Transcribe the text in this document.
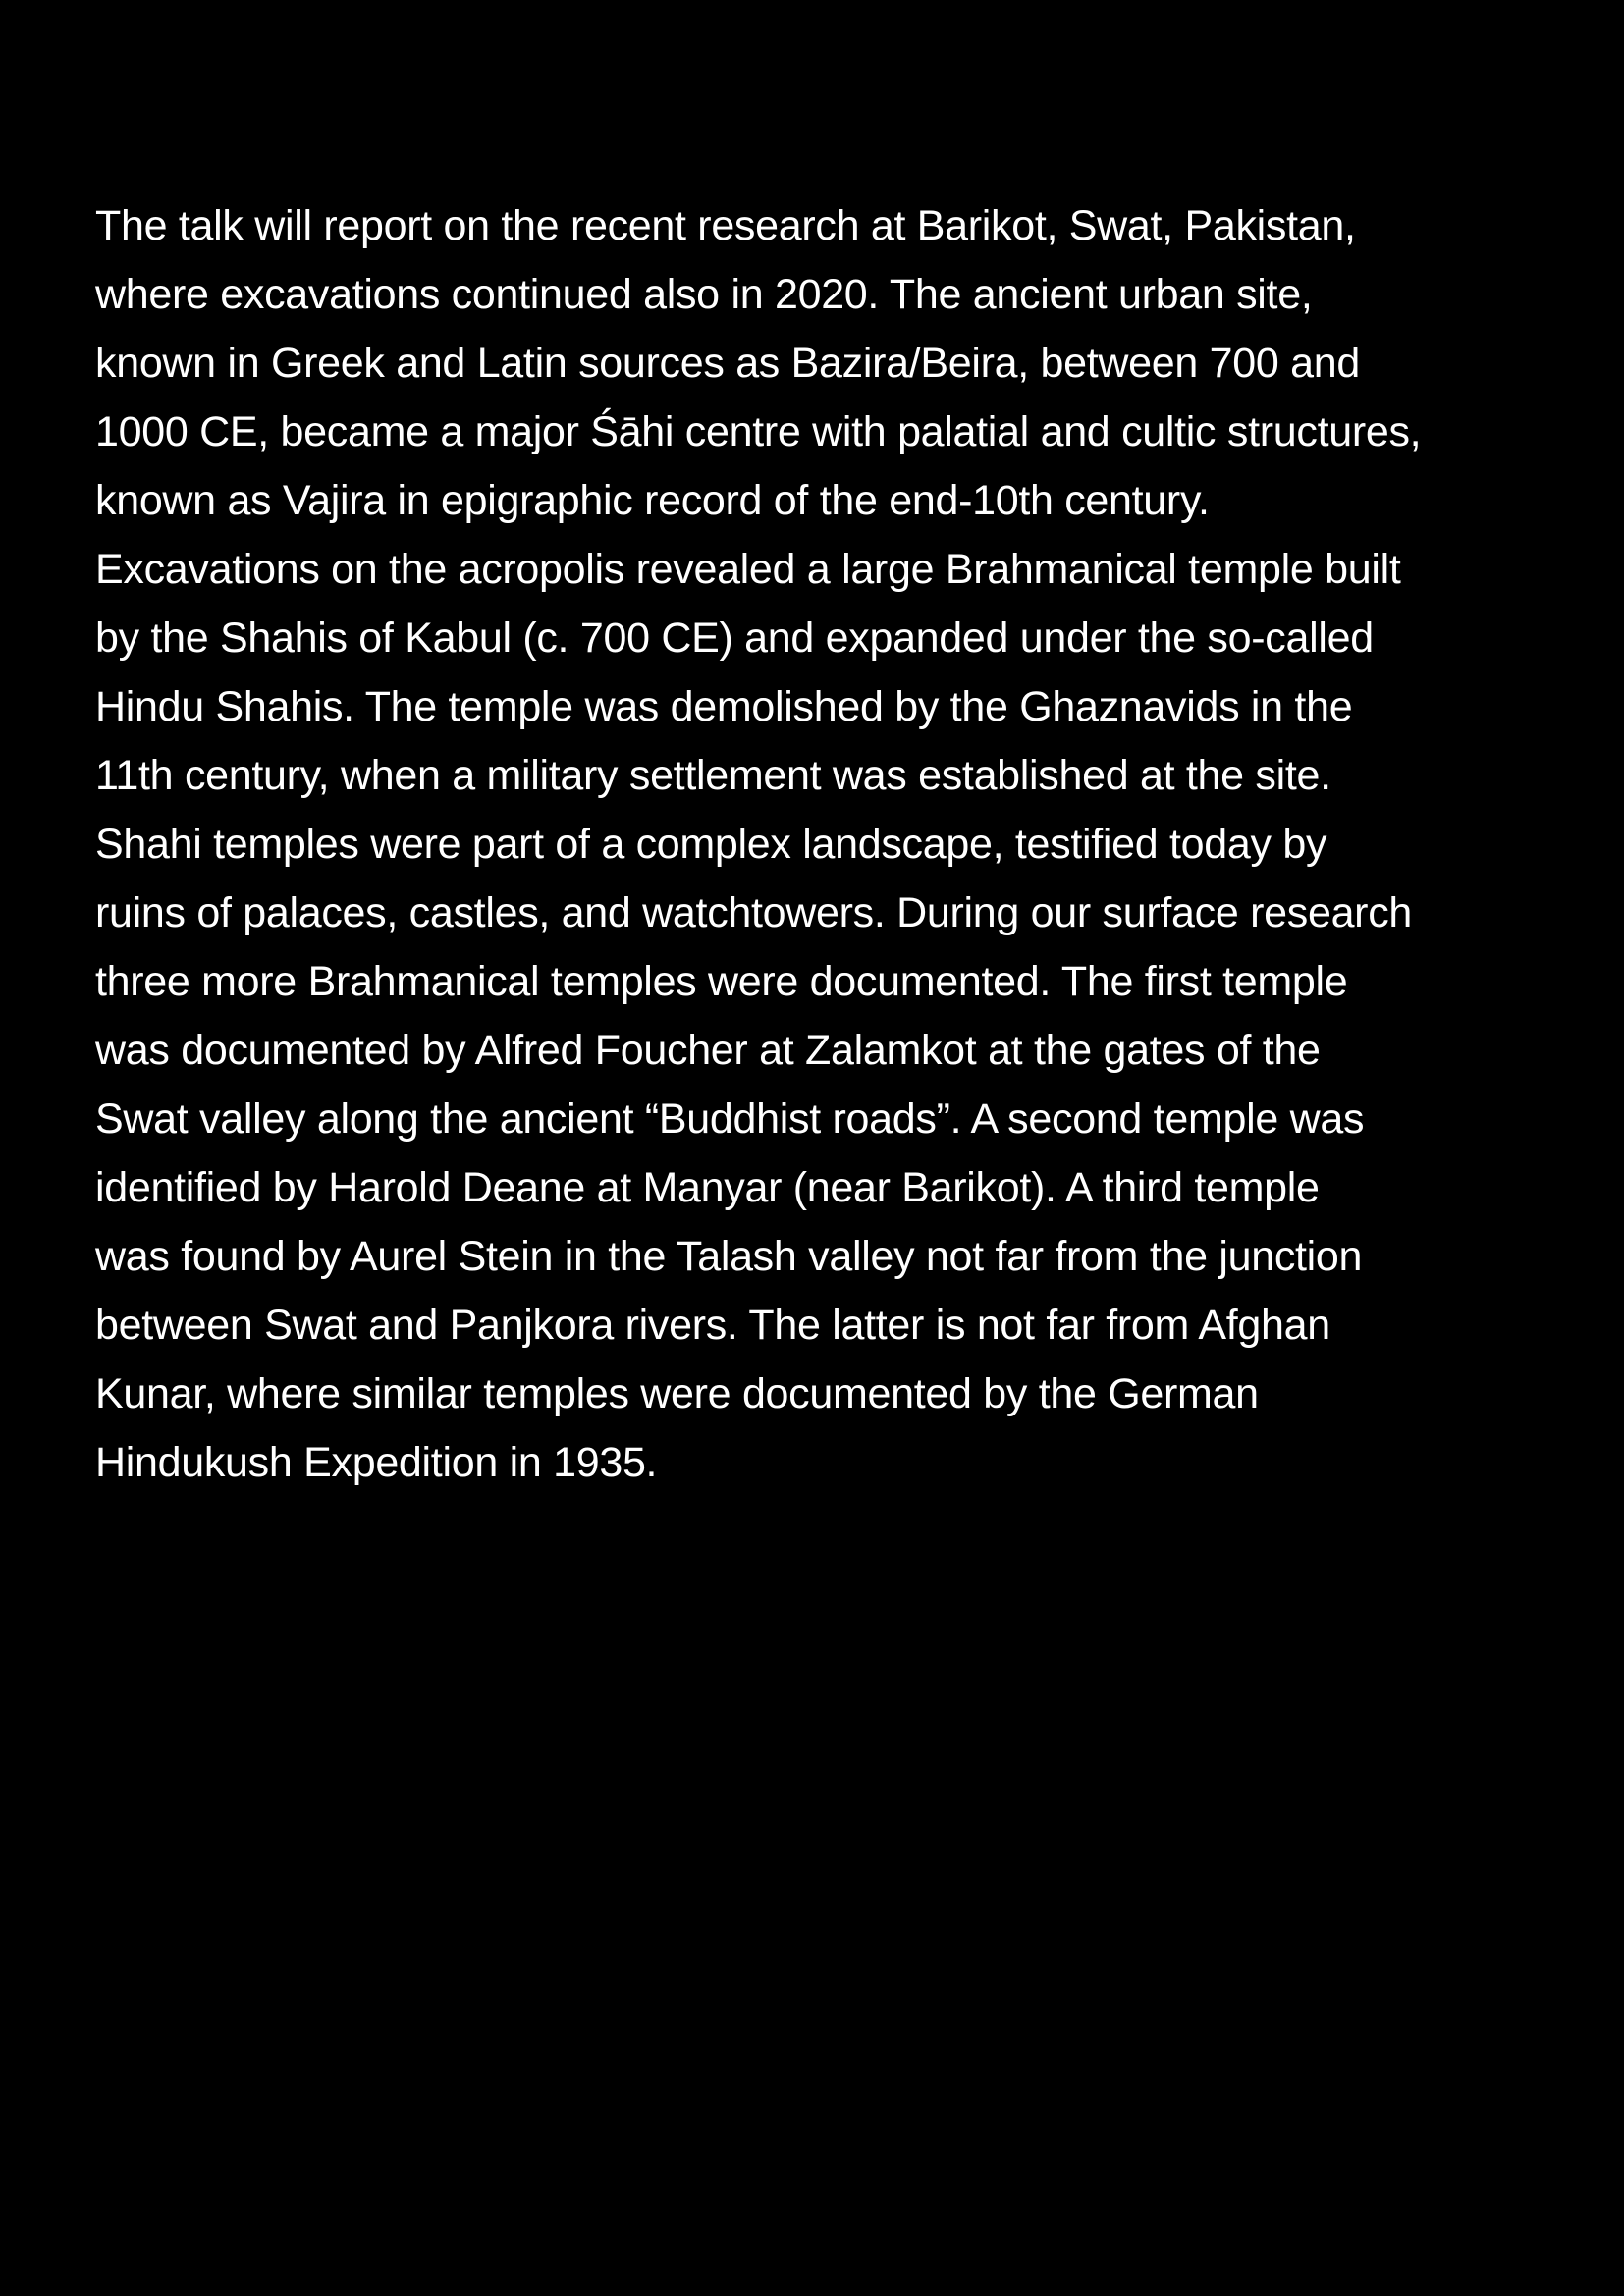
The talk will report on the recent research at Barikot, Swat, Pakistan,
where excavations continued also in 2020. The ancient urban site,
known in Greek and Latin sources as Bazira/Beira, between 700 and
1000 CE, became a major Śāhi centre with palatial and cultic structures,
known as Vajira in epigraphic record of the end-10th century.
Excavations on the acropolis revealed a large Brahmanical temple built
by the Shahis of Kabul (c. 700 CE) and expanded under the so-called
Hindu Shahis. The temple was demolished by the Ghaznavids in the
11th century, when a military settlement was established at the site.
Shahi temples were part of a complex landscape, testified today by
ruins of palaces, castles, and watchtowers. During our surface research
three more Brahmanical temples were documented. The first temple
was documented by Alfred Foucher at Zalamkot at the gates of the
Swat valley along the ancient “Buddhist roads”. A second temple was
identified by Harold Deane at Manyar (near Barikot). A third temple
was found by Aurel Stein in the Talash valley not far from the junction
between Swat and Panjkora rivers. The latter is not far from Afghan
Kunar, where similar temples were documented by the German
Hindukush Expedition in 1935.
